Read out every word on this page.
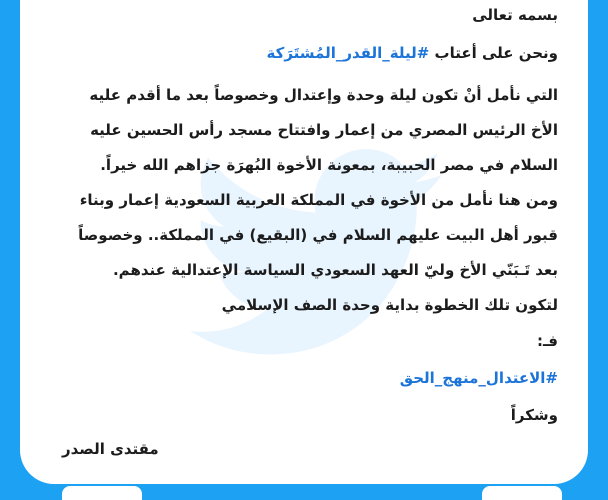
بسمه تعالى
ونحن على أعتاب #ليلة_القدر_المُشتَرَكة
التي نأمل أنْ تكون ليلة وحدة وإعتدال وخصوصاً بعد ما أقدم عليه
الأخ الرئيس المصري من إعمار وافتتاح مسجد رأس الحسين عليه
السلام في مصر الحبيبة، بمعونة الأخوة البُهرَة جزاهم الله خيراً.
ومن هنا نأمل من الأخوة في المملكة العربية السعودية إعمار وبناء
قبور أهل البيت عليهم السلام في (البقيع) في المملكة.. وخصوصاً
بعد تَـبَنّي الأخ وليّ العهد السعودي السياسة الإعتدالية عندهم.
لتكون تلك الخطوة بداية وحدة الصف الإسلامي
فـ:
#الاعتدال_منهج_الحق
وشكراً
مقتدى الصدر
